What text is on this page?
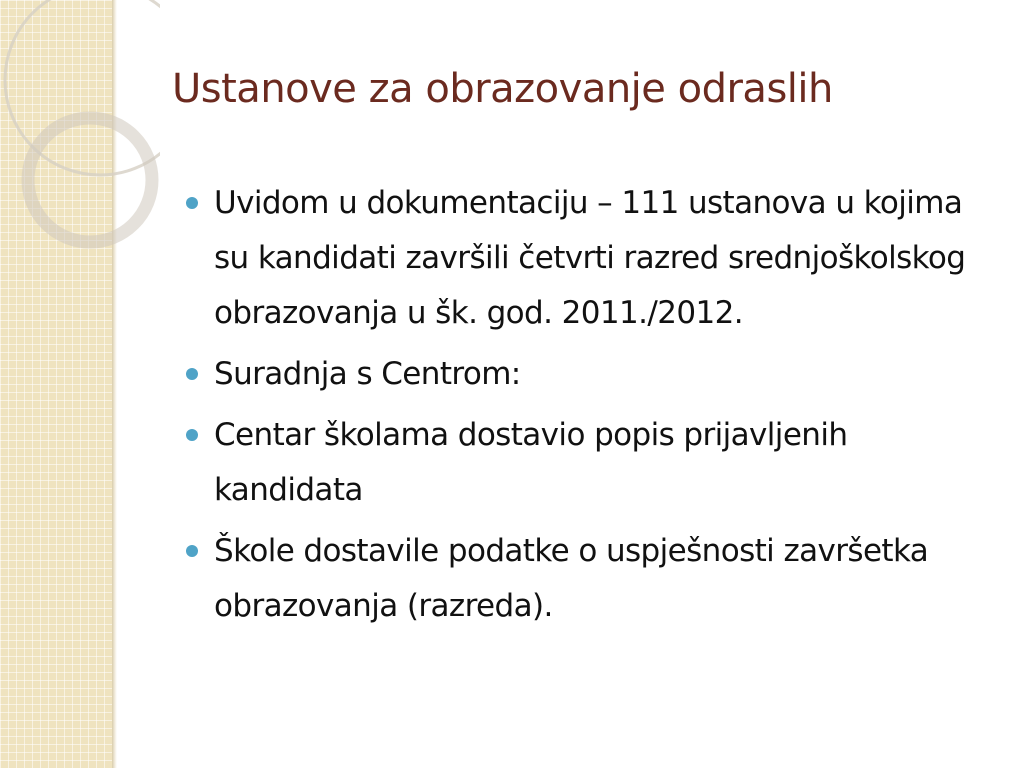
Ustanove za obrazovanje odraslih
Uvidom u dokumentaciju – 111 ustanova u kojima su kandidati završili četvrti razred srednjoškolskog obrazovanja u šk. god. 2011./2012.
Suradnja s Centrom:
Centar školama dostavio popis prijavljenih kandidata
Škole dostavile podatke o uspješnosti završetka obrazovanja (razreda).
